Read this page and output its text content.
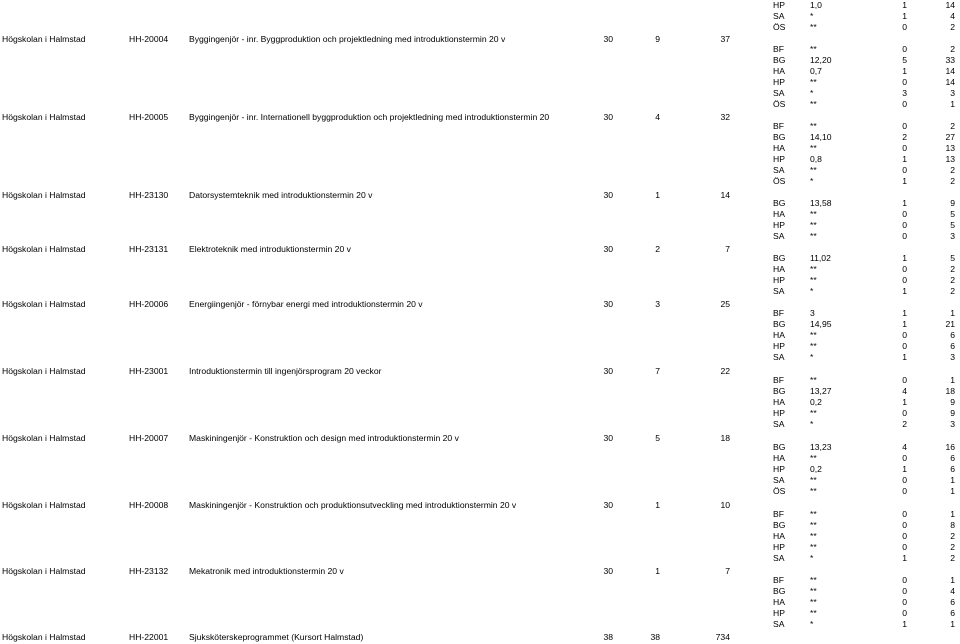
Högskolan i Halmstad	HH-20004 Byggingenjör - inr. Byggproduktion och projektledning med introduktionstermin 20 v	30	9	37
Högskolan i Halmstad	HH-20005 Byggingenjör - inr. Internationell byggproduktion och projektledning med introduktionstermin 20	30	4	32
Högskolan i Halmstad	HH-23130 Datorsystemteknik med introduktionstermin 20 v	30	1	14
Högskolan i Halmstad	HH-23131 Elektroteknik med introduktionstermin 20 v	30	2	7
Högskolan i Halmstad	HH-20006 Energiingenjör - förnybar energi med introduktionstermin 20 v	30	3	25
Högskolan i Halmstad	HH-23001 Introduktionstermin till ingenjörsprogram 20 veckor	30	7	22
Högskolan i Halmstad	HH-20007 Maskiningenjör - Konstruktion och design med introduktionstermin 20 v	30	5	18
Högskolan i Halmstad	HH-20008 Maskiningenjör - Konstruktion och produktionsutveckling med introduktionstermin 20 v	30	1	10
Högskolan i Halmstad	HH-23132 Mekatronik med introduktionstermin 20 v	30	1	7
Högskolan i Halmstad	HH-22001 Sjuksköterskeprogrammet (Kursort Halmstad)	38	38	734
HP	1,0	1	14
SA	*	1	4
ÖS	**	0	2
BF	**	0	2
BG	12,20	5	33
HA	0,7	1	14
HP	**	0	14
SA	*	3	3
ÖS	**	0	1
BF	**	0	2
BG	14,10	2	27
HA	**	0	13
HP	0,8	1	13
SA	**	0	2
ÖS	*	1	2
BG	13,58	1	9
HA	**	0	5
HP	**	0	5
SA	**	0	3
BG	11,02	1	5
HA	**	0	2
HP	**	0	2
SA	*	1	2
BF	3	1	1
BG	14,95	1	21
HA	**	0	6
HP	**	0	6
SA	*	1	3
BF	**	0	1
BG	13,27	4	18
HA	0,2	1	9
HP	**	0	9
SA	*	2	3
BG	13,23	4	16
HA	**	0	6
HP	0,2	1	6
SA	**	0	1
ÖS	**	0	1
BF	**	0	1
BG	**	0	8
HA	**	0	2
HP	**	0	2
SA	*	1	2
BF	**	0	1
BG	**	0	4
HA	**	0	6
HP	**	0	6
SA	*	1	1
